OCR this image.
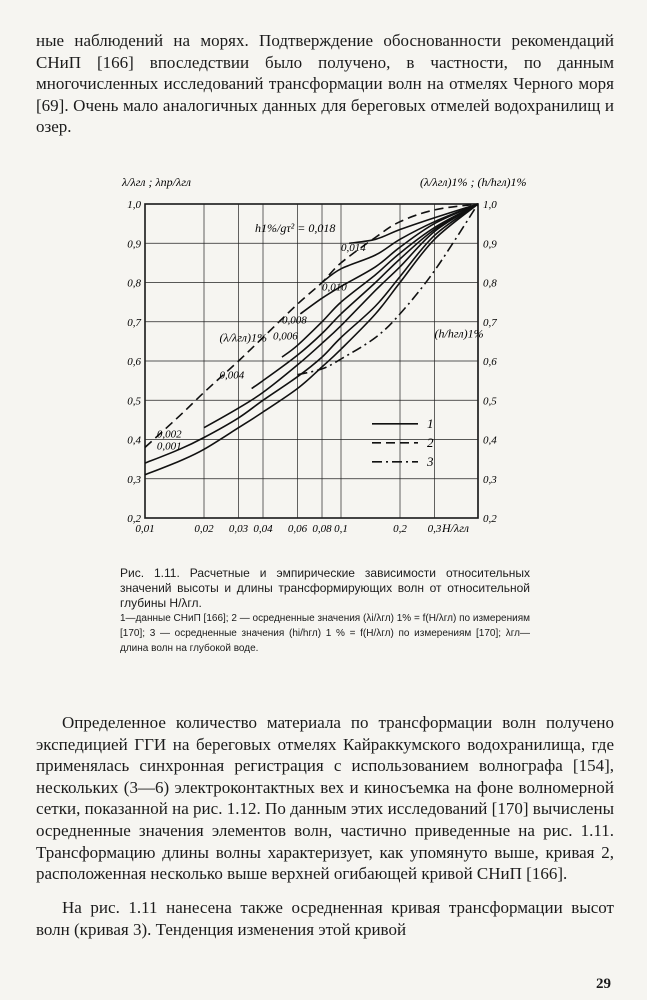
ные наблюдений на морях. Подтверждение обоснованности рекомендаций СНиП [166] впоследствии было получено, в частности, по данным многочисленных исследований трансформации волн на отмелях Черного моря [69]. Очень мало аналогичных данных для береговых отмелей водохранилищ и озер.

0,01	0,02 0,03 0,04 0,06 0,08 0,1	0,2 0,3
0,2	0,2
0,3	0,3
0,4	0,4
0,5	0,5
0,6	0,6
0,7	0,7
0,8	0,8
0,9	0,9
1,0	1,0
H/λгл
λ/λгл ; λпр/λгл	(λ/λгл)1% ; (h/hгл)1%
0,014
0,010
0,008
0,006
0,004
0,002
0,001
h1%/gτ² = 0,018
(λ/λгл)1%	(h/hгл)1%
1
2
3
Рис. 1.11. Расчетные и эмпирические зависимости относительных значений высоты и длины трансформирующих волн от относительной глубины H/λгл.
1—данные СНиП [166]; 2 — осредненные значения (λi/λгл) 1% = f(H/λгл) по измерениям [170]; 3 — осредненные значения (hi/hгл) 1 % = f(H/λгл) по измерениям [170]; λгл—длина волн на глубокой воде.

Определенное количество материала по трансформации волн получено экспедицией ГГИ на береговых отмелях Кайраккумского водохранилища, где применялась синхронная регистрация с использованием волнографа [154], нескольких (3—6) электроконтактных вех и киносъемка на фоне волномерной сетки, показанной на рис. 1.12. По данным этих исследований [170] вычислены осредненные значения элементов волн, частично приведенные на рис. 1.11. Трансформацию длины волны характеризует, как упомянуто выше, кривая 2, расположенная несколько выше верхней огибающей кривой СНиП [166].

На рис. 1.11 нанесена также осредненная кривая трансформации высот волн (кривая 3). Тенденция изменения этой кривой

29
